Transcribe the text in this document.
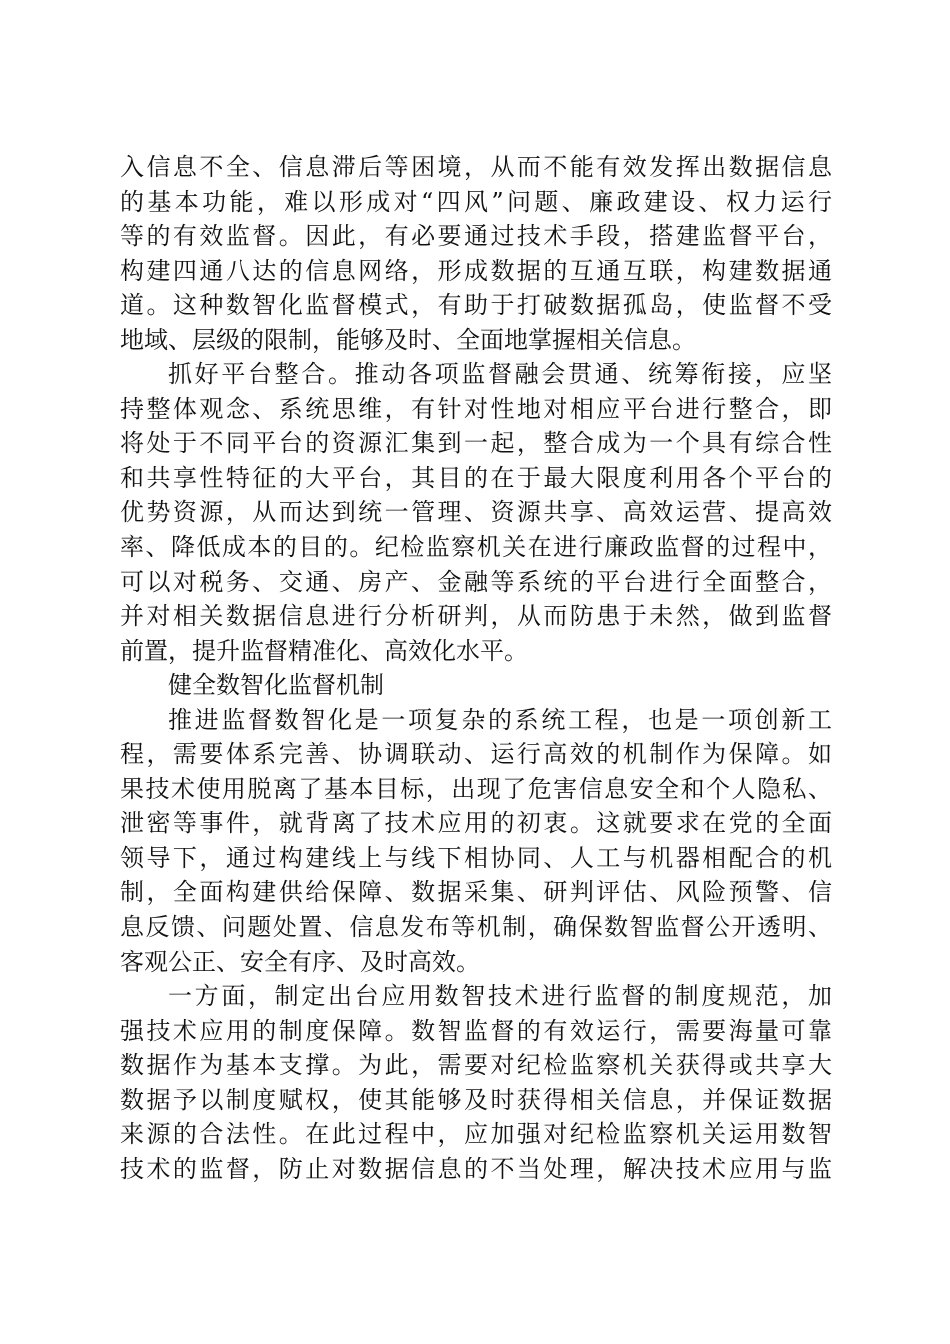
入信息不全、信息滞后等困境，从而不能有效发挥出数据信息
的基本功能，难以形成对“四风”问题、廉政建设、权力运行
等的有效监督。因此，有必要通过技术手段，搭建监督平台，
构建四通八达的信息网络，形成数据的互通互联，构建数据通
道。这种数智化监督模式，有助于打破数据孤岛，使监督不受
地域、层级的限制，能够及时、全面地掌握相关信息。
抓好平台整合。推动各项监督融会贯通、统筹衔接，应坚
持整体观念、系统思维，有针对性地对相应平台进行整合，即
将处于不同平台的资源汇集到一起，整合成为一个具有综合性
和共享性特征的大平台，其目的在于最大限度利用各个平台的
优势资源，从而达到统一管理、资源共享、高效运营、提高效
率、降低成本的目的。纪检监察机关在进行廉政监督的过程中，
可以对税务、交通、房产、金融等系统的平台进行全面整合，
并对相关数据信息进行分析研判，从而防患于未然，做到监督
前置，提升监督精准化、高效化水平。
健全数智化监督机制
推进监督数智化是一项复杂的系统工程，也是一项创新工
程，需要体系完善、协调联动、运行高效的机制作为保障。如
果技术使用脱离了基本目标，出现了危害信息安全和个人隐私、
泄密等事件，就背离了技术应用的初衷。这就要求在党的全面
领导下，通过构建线上与线下相协同、人工与机器相配合的机
制，全面构建供给保障、数据采集、研判评估、风险预警、信
息反馈、问题处置、信息发布等机制，确保数智监督公开透明、
客观公正、安全有序、及时高效。
一方面，制定出台应用数智技术进行监督的制度规范，加
强技术应用的制度保障。数智监督的有效运行，需要海量可靠
数据作为基本支撑。为此，需要对纪检监察机关获得或共享大
数据予以制度赋权，使其能够及时获得相关信息，并保证数据
来源的合法性。在此过程中，应加强对纪检监察机关运用数智
技术的监督，防止对数据信息的不当处理，解决技术应用与监
